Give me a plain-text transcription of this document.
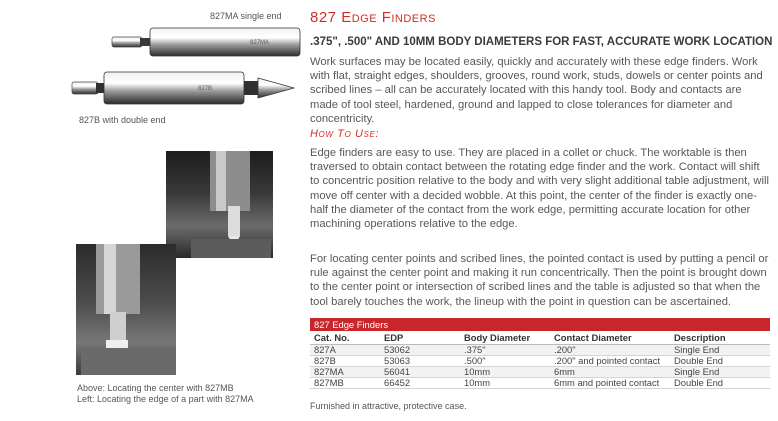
827MA single end
827B with double end
827MA
827B
Above: Locating the center with 827MB
Left: Locating the edge of a part with 827MA
827 Edge Finders
.375", .500" AND 10MM BODY DIAMETERS FOR FAST, ACCURATE WORK LOCATION
Work surfaces may be located easily, quickly and accurately with these edge finders. Work with flat, straight edges, shoulders, grooves, round work, studs, dowels or center points and scribed lines – all can be accurately located with this handy tool. Body and contacts are made of tool steel, hardened, ground and lapped to close tolerances for diameter and concentricity.
How To Use:
Edge finders are easy to use. They are placed in a collet or chuck. The worktable is then traversed to obtain contact between the rotating edge finder and the work. Contact will shift to concentric position relative to the body and with very slight additional table adjustment, will move off center with a decided wobble. At this point, the center of the finder is exactly one-half the diameter of the contact from the work edge, permitting accurate location for other machining operations relative to the edge.
For locating center points and scribed lines, the pointed contact is used by putting a pencil or rule against the center point and making it run concentrically. Then the point is brought down to the center point or intersection of scribed lines and the table is adjusted so that when the tool barely touches the work, the lineup with the point in question can be ascertained.
827 Edge Finders				
Cat. No.	EDP	Body Diameter	Contact Diameter	Description
827A	53062	.375"	.200"	Single End
827B	53063	.500"	.200" and pointed contact	Double End
827MA	56041	10mm	6mm	Single End
827MB	66452	10mm	6mm and pointed contact	Double End
Furnished in attractive, protective case.
